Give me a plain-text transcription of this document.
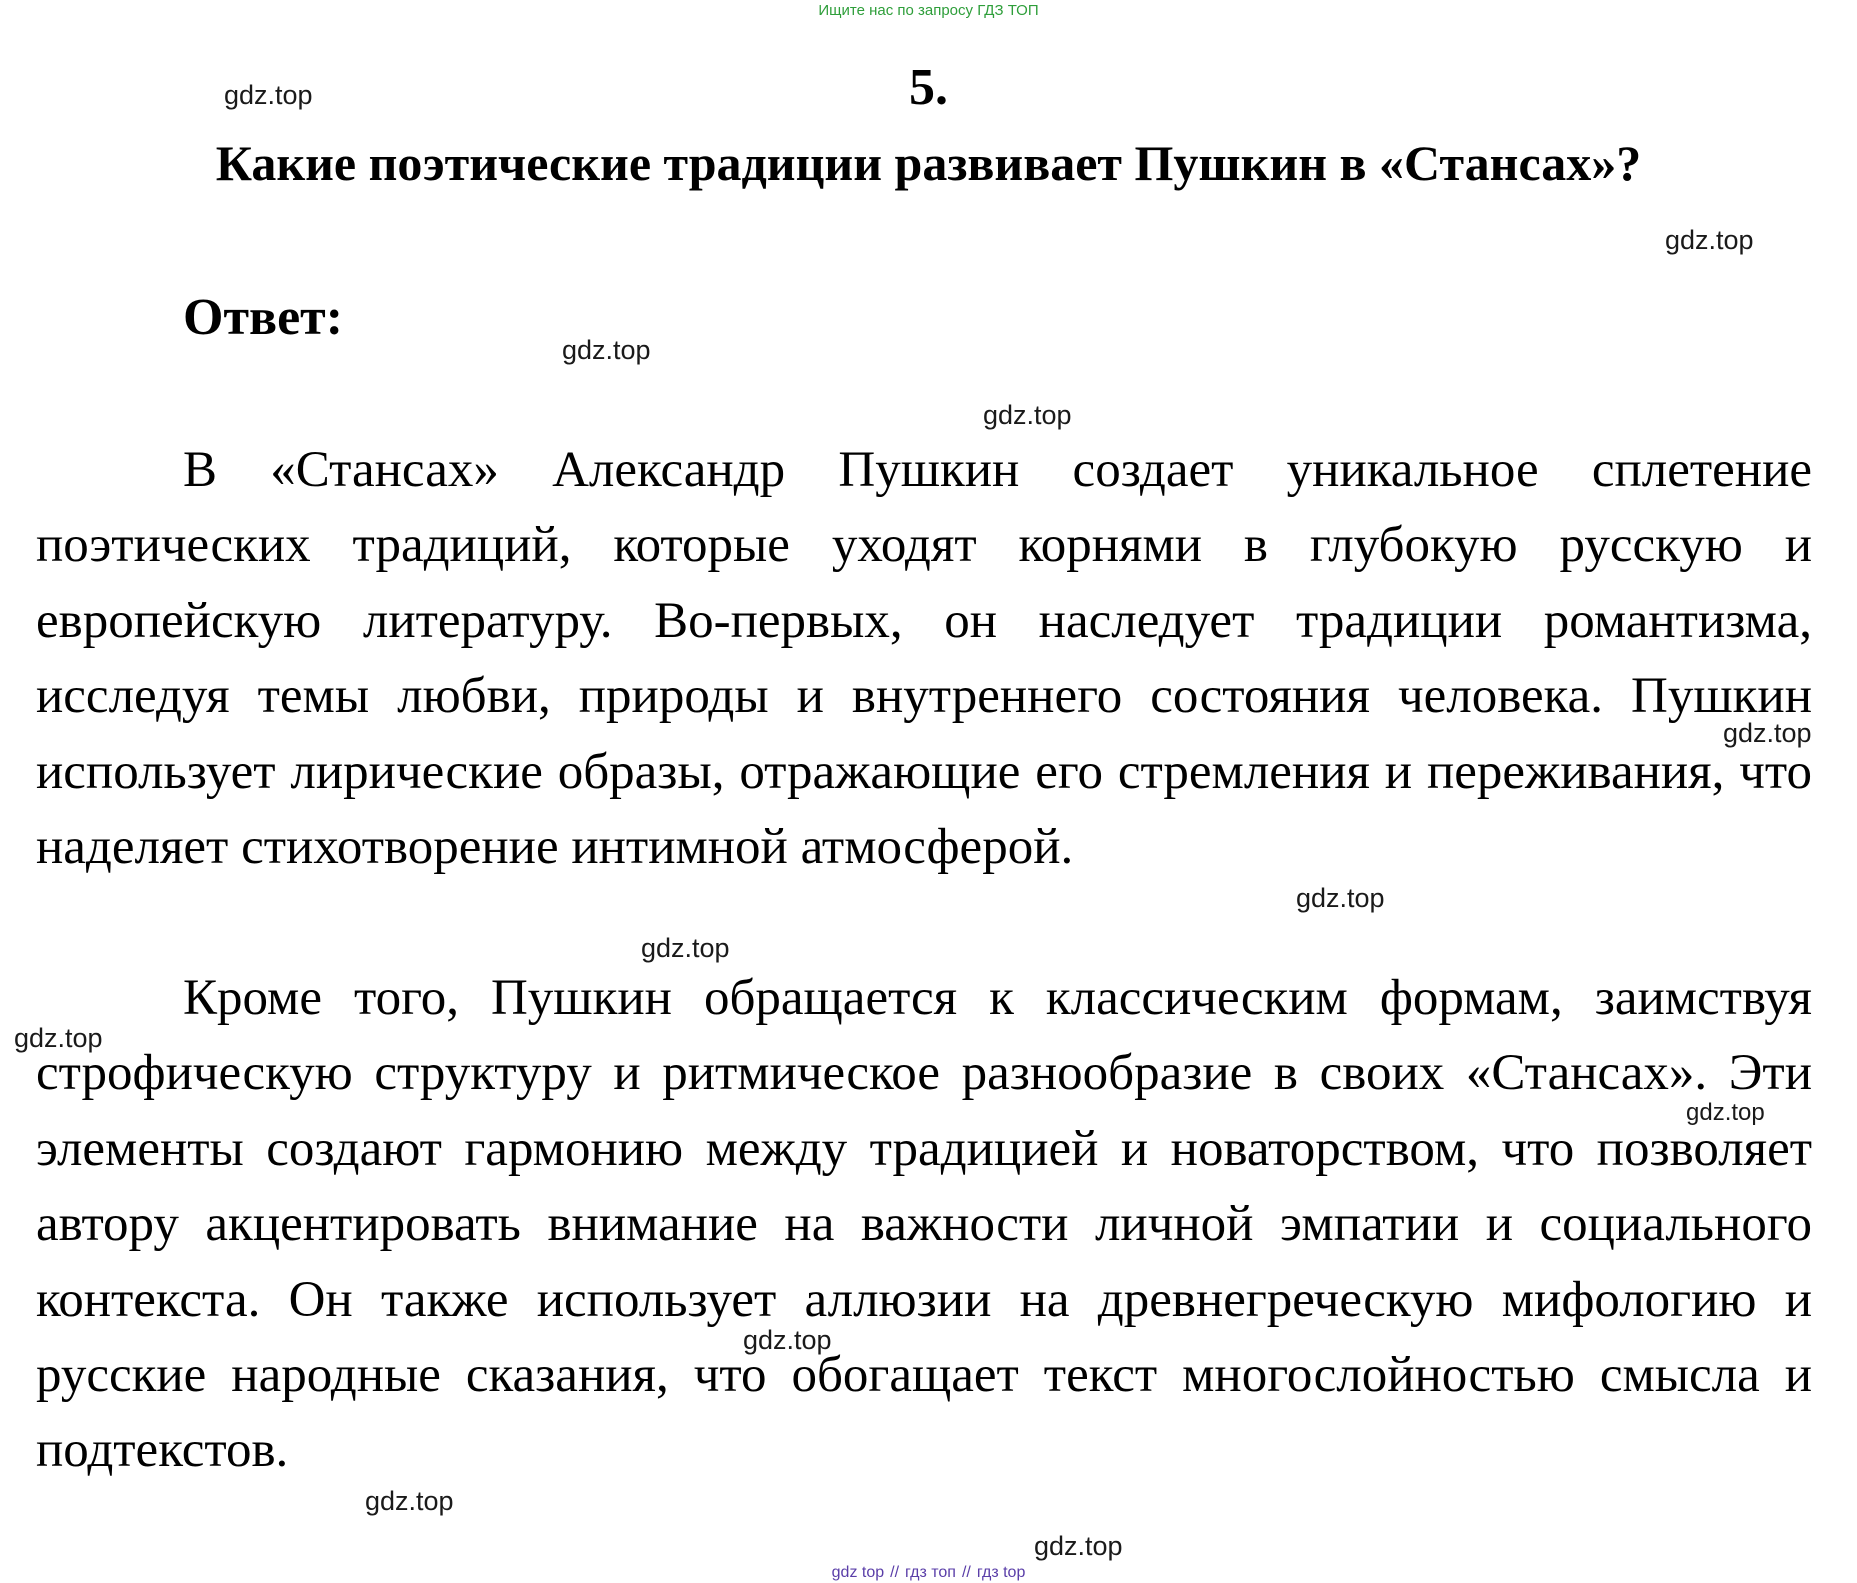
Ищите нас по запросу ГДЗ ТОП
5.
Какие поэтические традиции развивает Пушкин в «Стансах»?
Ответ:

В «Стансах» Александр Пушкин создает уникальное сплетение поэтических традиций, которые уходят корнями в глубокую русскую и европейскую литературу. Во-первых, он наследует традиции романтизма, исследуя темы любви, природы и внутреннего состояния человека. Пушкин использует лирические образы, отражающие его стремления и переживания, что наделяет стихотворение интимной атмосферой.

Кроме того, Пушкин обращается к классическим формам, заимствуя строфическую структуру и ритмическое разнообразие в своих «Стансах». Эти элементы создают гармонию между традицией и новаторством, что позволяет автору акцентировать внимание на важности личной эмпатии и социального контекста. Он также использует аллюзии на древнегреческую мифологию и русские народные сказания, что обогащает текст многослойностью смысла и подтекстов.

gdz.top
gdz.top
gdz.top
gdz.top
gdz.top
gdz.top
gdz.top
gdz.top
gdz.top
gdz.top
gdz.top
gdz.top
gdz top // гдз топ // гдз top
